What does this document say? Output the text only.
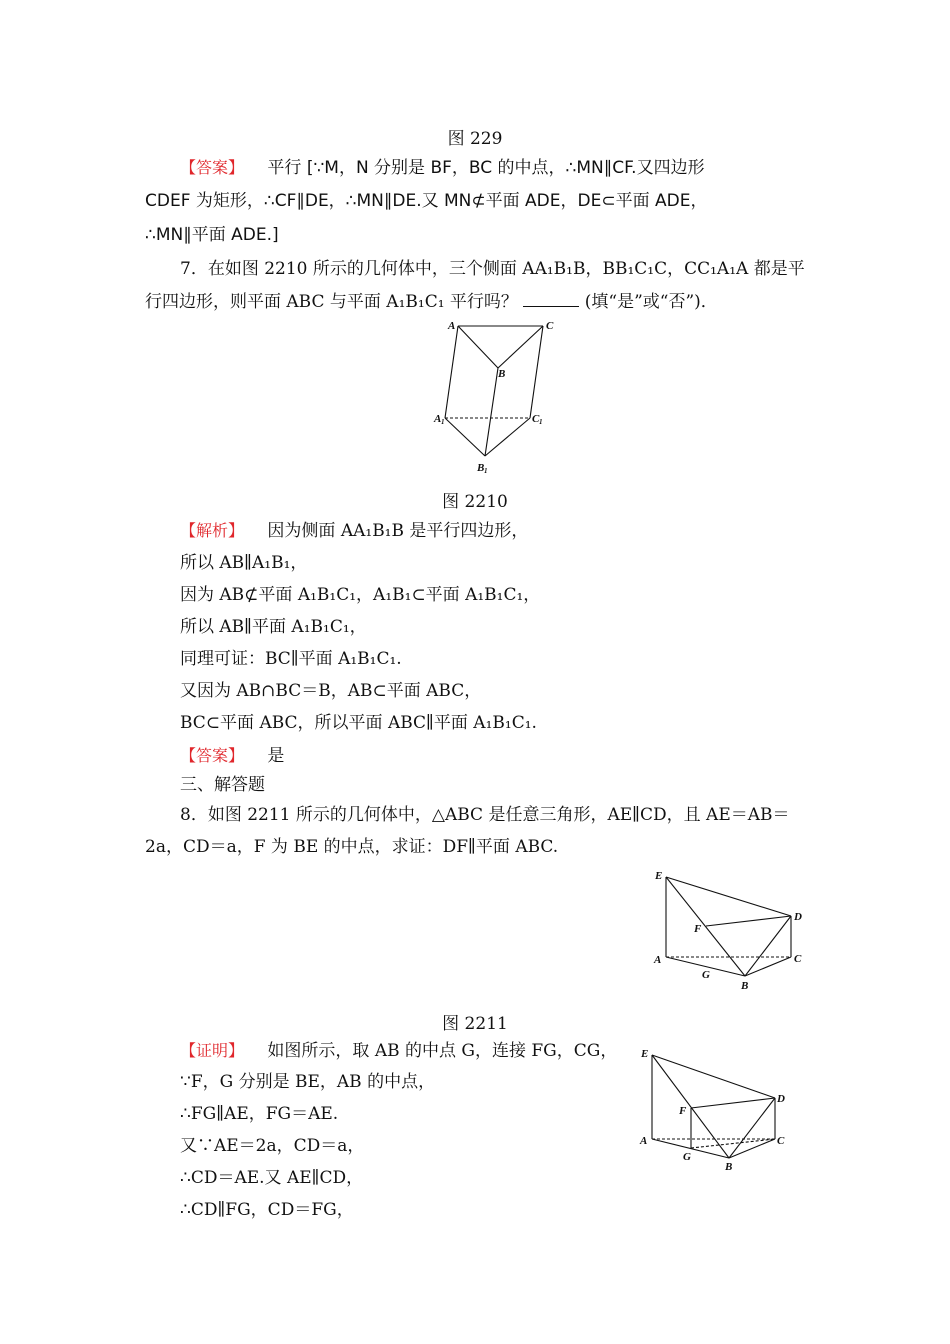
图 229
【答案】 平行 [∵M，N 分别是 BF，BC 的中点，∴MN∥CF.又四边形
CDEF 为矩形，∴CF∥DE，∴MN∥DE.又 MN⊄平面 ADE，DE⊂平面 ADE，
∴MN∥平面 ADE.]
7．在如图 2210 所示的几何体中，三个侧面 AA₁B₁B，BB₁C₁C，CC₁A₁A 都是平
行四边形，则平面 ABC 与平面 A₁B₁C₁ 平行吗？	(填“是”或“否”)．
A	C
B
A 1	C 1
B 1
图 2210
【解析】 因为侧面 AA₁B₁B 是平行四边形，
所以 AB∥A₁B₁，
因为 AB⊄平面 A₁B₁C₁，A₁B₁⊂平面 A₁B₁C₁，
所以 AB∥平面 A₁B₁C₁，
同理可证：BC∥平面 A₁B₁C₁.
又因为 AB∩BC＝B，AB⊂平面 ABC，
BC⊂平面 ABC，所以平面 ABC∥平面 A₁B₁C₁.
【答案】 是
三、解答题
8．如图 2211 所示的几何体中，△ABC 是任意三角形，AE∥CD，且 AE＝AB＝
2a，CD＝a，F 为 BE 的中点，求证：DF∥平面 ABC.
E
D
F
A	C
G
B
图 2211
【证明】 如图所示，取 AB 的中点 G，连接 FG，CG，
∵F，G 分别是 BE，AB 的中点，
∴FG∥AE，FG＝AE.
又∵AE＝2a，CD＝a，
∴CD＝AE.又 AE∥CD，
∴CD∥FG，CD＝FG，
E
D
F
A	C
G
B
